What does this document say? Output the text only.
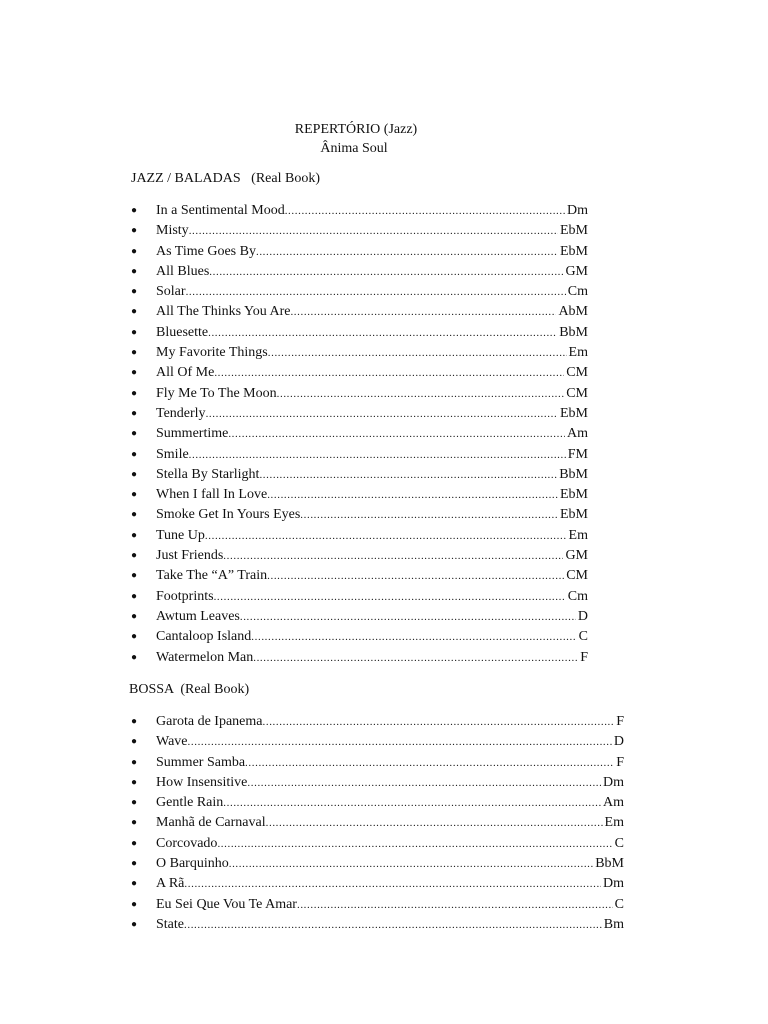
REPERTÓRIO (Jazz)
Ânima Soul
JAZZ / BALADAS   (Real Book)
● In a Sentimental Mood .....	Dm
● Misty .....	EbM
● As Time Goes By .....	EbM
● All Blues .....	GM
● Solar .....	Cm
● All The Thinks You Are .....	AbM
● Bluesette .....	BbM
● My Favorite Things .....	Em
● All Of Me .....	CM
● Fly Me To The Moon .....	CM
● Tenderly .....	EbM
● Summertime .....	Am
● Smile .....	FM
● Stella By Starlight .....	BbM
● When I fall In Love .....	EbM
● Smoke Get In Yours Eyes .....	EbM
● Tune Up .....	Em
● Just Friends .....	GM
● Take The “A” Train .....	CM
● Footprints .....	Cm
● Awtum Leaves .....	D
● Cantaloop Island .....	C
● Watermelon Man .....	F
BOSSA  (Real Book)
● Garota de Ipanema .....	F
● Wave .....	D
● Summer Samba .....	F
● How Insensitive .....	Dm
● Gentle Rain .....	Am
● Manhã de Carnaval .....	Em
● Corcovado .....	C
● O Barquinho .....	BbM
● A Rã .....	Dm
● Eu Sei Que Vou Te Amar .....	C
● State .....	Bm
